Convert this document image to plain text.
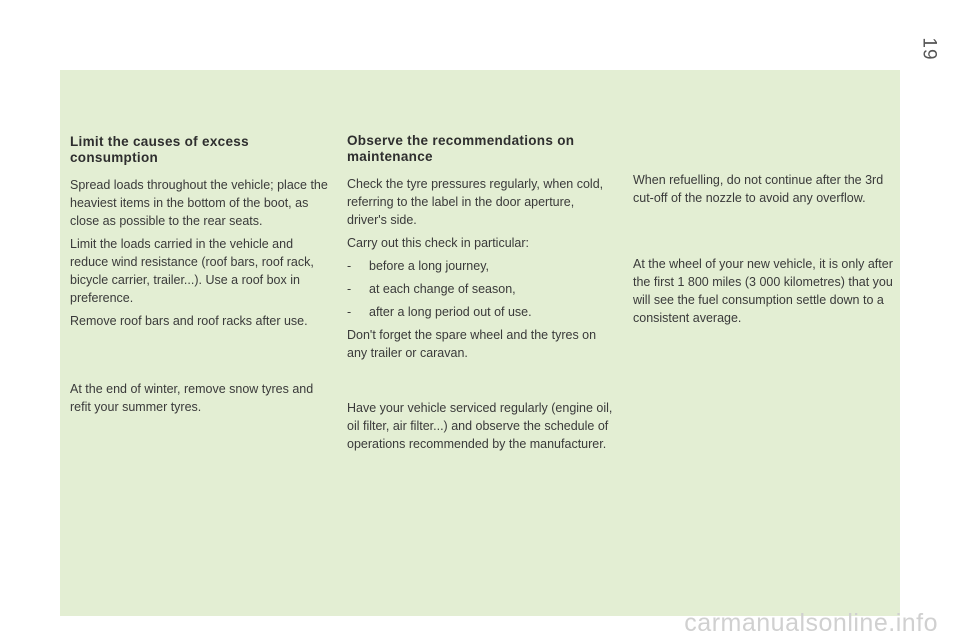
19
Limit the causes of excess consumption

Spread loads throughout the vehicle; place the heaviest items in the bottom of the boot, as close as possible to the rear seats.

Limit the loads carried in the vehicle and reduce wind resistance (roof bars, roof rack, bicycle carrier, trailer...). Use a roof box in preference.

Remove roof bars and roof racks after use.

At the end of winter, remove snow tyres and refit your summer tyres.

Observe the recommendations on maintenance

Check the tyre pressures regularly, when cold, referring to the label in the door aperture, driver's side.

Carry out this check in particular:

-	before a long journey,
-	at each change of season,
-	after a long period out of use.

Don't forget the spare wheel and the tyres on any trailer or caravan.

Have your vehicle serviced regularly (engine oil, oil filter, air filter...) and observe the schedule of operations recommended by the manufacturer.

When refuelling, do not continue after the 3rd cut-off of the nozzle to avoid any overflow.

At the wheel of your new vehicle, it is only after the first 1 800 miles (3 000 kilometres) that you will see the fuel consumption settle down to a consistent average.

carmanualsonline.info
